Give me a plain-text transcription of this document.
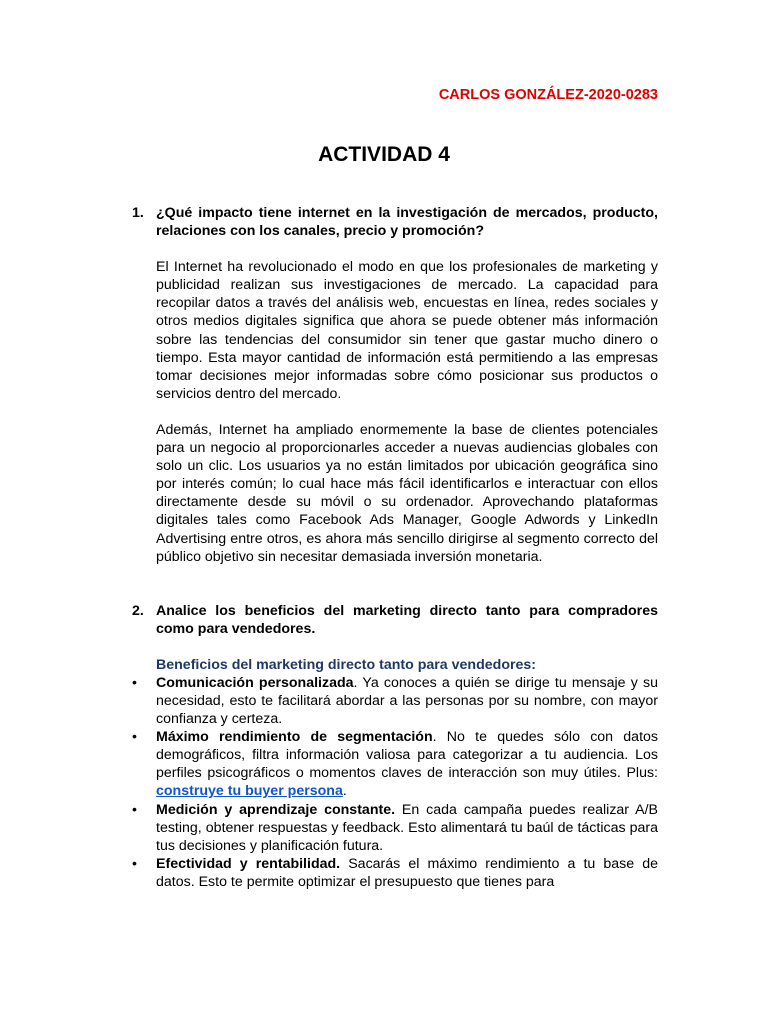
CARLOS GONZÁLEZ-2020-0283
ACTIVIDAD 4

1. ¿Qué impacto tiene internet en la investigación de mercados, producto, relaciones con los canales, precio y promoción?

El Internet ha revolucionado el modo en que los profesionales de marketing y publicidad realizan sus investigaciones de mercado. La capacidad para recopilar datos a través del análisis web, encuestas en línea, redes sociales y otros medios digitales significa que ahora se puede obtener más información sobre las tendencias del consumidor sin tener que gastar mucho dinero o tiempo. Esta mayor cantidad de información está permitiendo a las empresas tomar decisiones mejor informadas sobre cómo posicionar sus productos o servicios dentro del mercado.

Además, Internet ha ampliado enormemente la base de clientes potenciales para un negocio al proporcionarles acceder a nuevas audiencias globales con solo un clic. Los usuarios ya no están limitados por ubicación geográfica sino por interés común; lo cual hace más fácil identificarlos e interactuar con ellos directamente desde su móvil o su ordenador. Aprovechando plataformas digitales tales como Facebook Ads Manager, Google Adwords y LinkedIn Advertising entre otros, es ahora más sencillo dirigirse al segmento correcto del público objetivo sin necesitar demasiada inversión monetaria.

2. Analice los beneficios del marketing directo tanto para compradores como para vendedores.

Beneficios del marketing directo tanto para vendedores:

• Comunicación personalizada. Ya conoces a quién se dirige tu mensaje y su necesidad, esto te facilitará abordar a las personas por su nombre, con mayor confianza y certeza.
• Máximo rendimiento de segmentación. No te quedes sólo con datos demográficos, filtra información valiosa para categorizar a tu audiencia. Los perfiles psicográficos o momentos claves de interacción son muy útiles. Plus: construye tu buyer persona.
• Medición y aprendizaje constante. En cada campaña puedes realizar A/B testing, obtener respuestas y feedback. Esto alimentará tu baúl de tácticas para tus decisiones y planificación futura.
• Efectividad y rentabilidad. Sacarás el máximo rendimiento a tu base de datos. Esto te permite optimizar el presupuesto que tienes para
